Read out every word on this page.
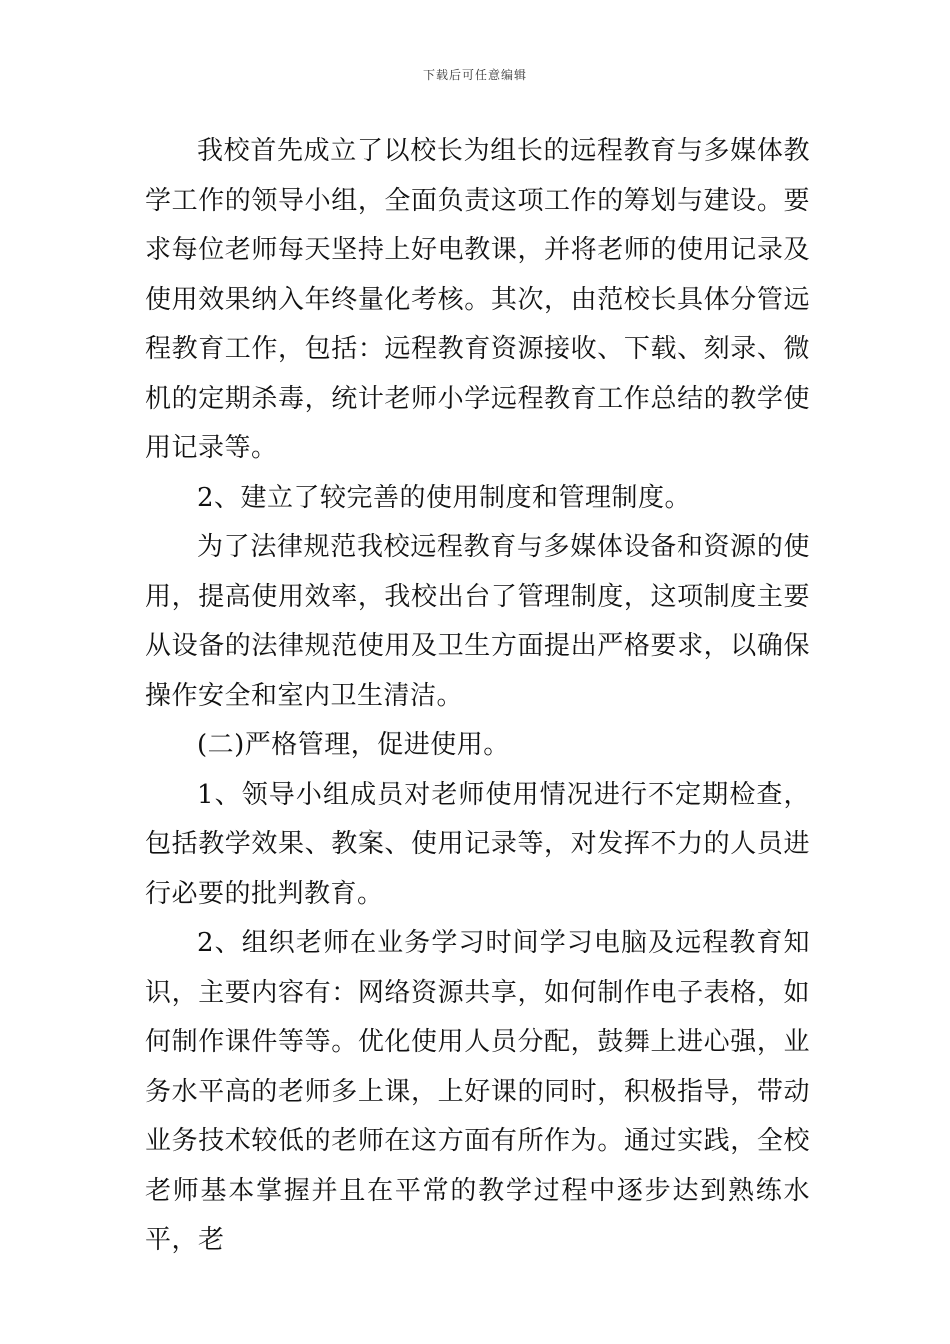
下载后可任意编辑

我校首先成立了以校长为组长的远程教育与多媒体教学工作的领导小组，全面负责这项工作的筹划与建设。要求每位老师每天坚持上好电教课，并将老师的使用记录及使用效果纳入年终量化考核。其次，由范校长具体分管远程教育工作，包括：远程教育资源接收、下载、刻录、微机的定期杀毒，统计老师小学远程教育工作总结的教学使用记录等。

2、建立了较完善的使用制度和管理制度。

为了法律规范我校远程教育与多媒体设备和资源的使用，提高使用效率，我校出台了管理制度，这项制度主要从设备的法律规范使用及卫生方面提出严格要求，以确保操作安全和室内卫生清洁。

(二)严格管理，促进使用。

1、领导小组成员对老师使用情况进行不定期检查，包括教学效果、教案、使用记录等，对发挥不力的人员进行必要的批判教育。

2、组织老师在业务学习时间学习电脑及远程教育知识，主要内容有：网络资源共享，如何制作电子表格，如何制作课件等等。优化使用人员分配，鼓舞上进心强，业务水平高的老师多上课，上好课的同时，积极指导，带动业务技术较低的老师在这方面有所作为。通过实践，全校老师基本掌握并且在平常的教学过程中逐步达到熟练水平，老
